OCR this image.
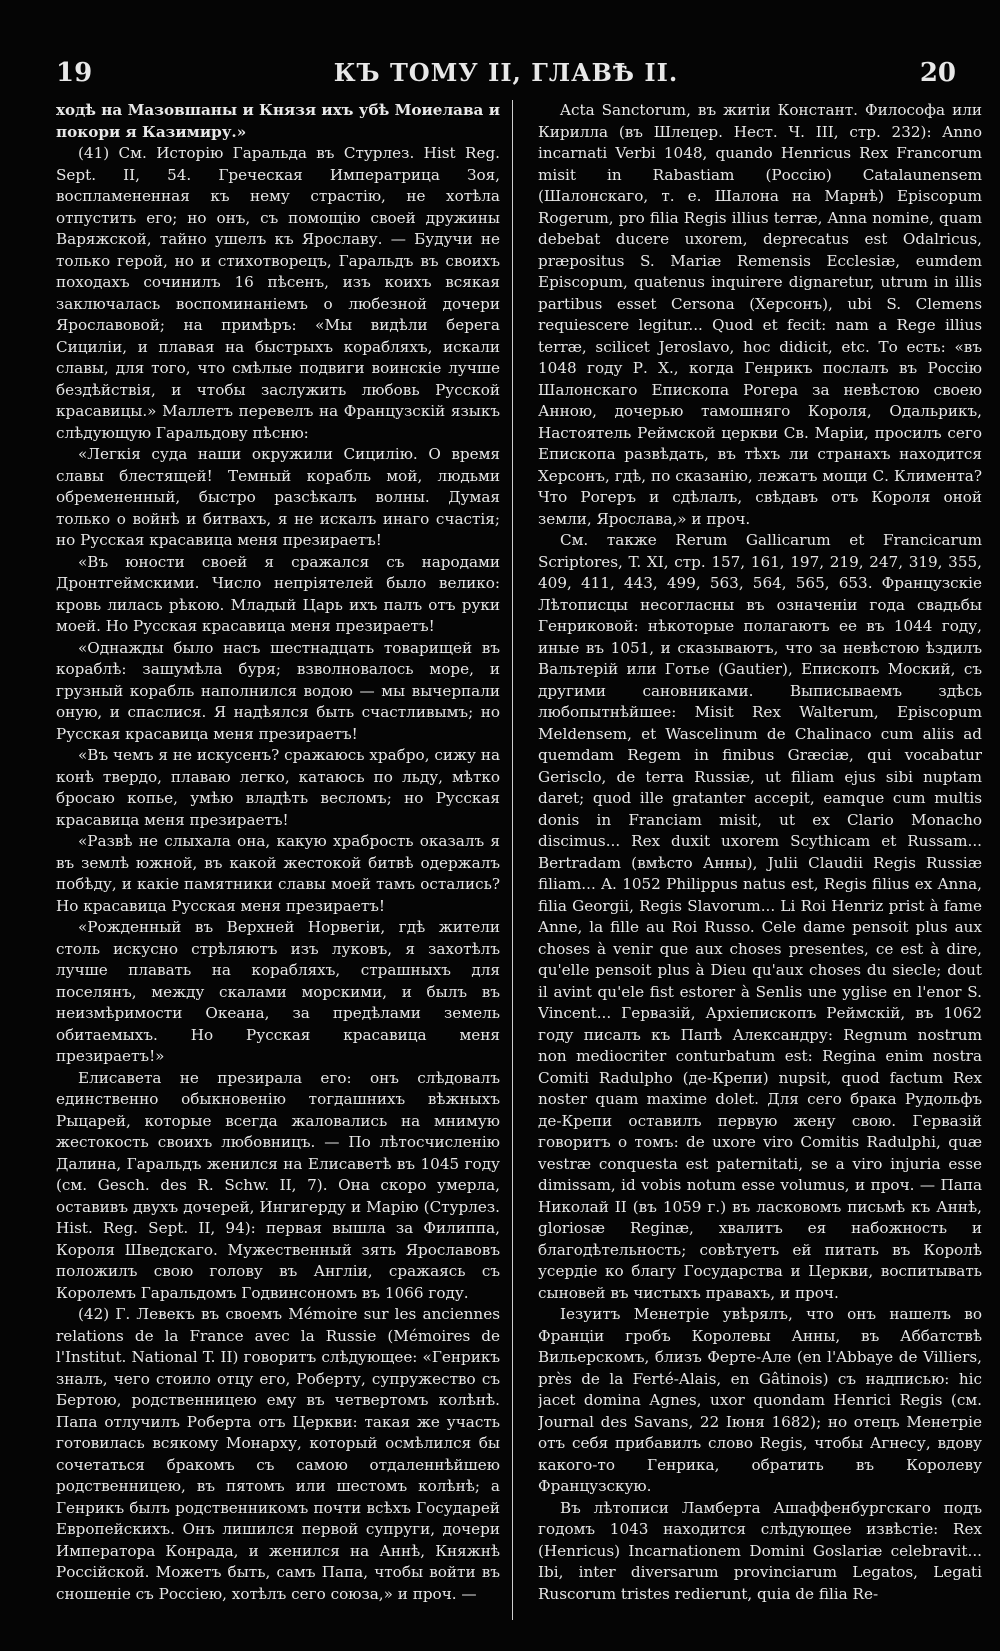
19	КЪ ТОМУ II, ГЛАВѢ II.	20

ходѣ на Мазовшаны и Князя ихъ убѣ Моиелава и покори я Казимиру.»

(41) См. Исторію Гаральда въ Стурлез. Hist Reg. Sept. II, 54. Греческая Императрица Зоя, воспламененная къ нему страстію, не хотѣла отпустить его; но онъ, съ помощію своей дружины Варяжской, тайно ушелъ къ Ярославу. — Будучи не только герой, но и стихотворецъ, Гаральдъ въ своихъ походахъ сочинилъ 16 пѣсенъ, изъ коихъ всякая заключалась воспоминаніемъ о любезной дочери Ярославовой; на примѣръ: «Мы видѣли берега Сициліи, и плавая на быстрыхъ корабляхъ, искали славы, для того, что смѣлые подвиги воинскіе лучше бездѣйствія, и чтобы заслужить любовь Русской красавицы.» Маллетъ перевелъ на Французскій языкъ слѣдующую Гаральдову пѣсню:

«Легкія суда наши окружили Сицилію. О время славы блестящей! Темный корабль мой, людьми обремененный, быстро разсѣкалъ волны. Думая только о войнѣ и битвахъ, я не искалъ инаго счастія; но Русская красавица меня презираетъ!

«Въ юности своей я сражался съ народами Дронтгеймскими. Число непріятелей было велико: кровь лилась рѣкою. Младый Царь ихъ палъ отъ руки моей. Но Русская красавица меня презираетъ!

«Однажды было насъ шестнадцать товарищей въ кораблѣ: зашумѣла буря; взволновалось море, и грузный корабль наполнился водою — мы вычерпали оную, и спаслися. Я надѣялся быть счастливымъ; но Русская красавица меня презираетъ!

«Въ чемъ я не искусенъ? сражаюсь храбро, сижу на конѣ твердо, плаваю легко, катаюсь по льду, мѣтко бросаю копье, умѣю владѣть весломъ; но Русская красавица меня презираетъ!

«Развѣ не слыхала она, какую храбрость оказалъ я въ землѣ южной, въ какой жестокой битвѣ одержалъ побѣду, и какіе памятники славы моей тамъ остались? Но красавица Русская меня презираетъ!

«Рожденный въ Верхней Норвегіи, гдѣ жители столь искусно стрѣляютъ изъ луковъ, я захотѣлъ лучше плавать на корабляхъ, страшныхъ для поселянъ, между скалами морскими, и былъ въ неизмѣримости Океана, за предѣлами земель обитаемыхъ. Но Русская красавица меня презираетъ!»

Елисавета не презирала его: онъ слѣдовалъ единственно обыкновенію тогдашнихъ вѣжныхъ Рыцарей, которые всегда жаловались на мнимую жестокость своихъ любовницъ. — По лѣтосчисленію Далина, Гаральдъ женился на Елисаветѣ въ 1045 году (см. Gesch. des R. Schw. II, 7). Она скоро умерла, оставивъ двухъ дочерей, Ингигерду и Марію (Стурлез. Hist. Reg. Sept. II, 94): первая вышла за Филиппа, Короля Шведскаго. Мужественный зять Ярославовъ положилъ свою голову въ Англіи, сражаясь съ Королемъ Гаральдомъ Годвинсономъ въ 1066 году.

(42) Г. Левекъ въ своемъ Mémoire sur les anciennes relations de la France avec la Russie (Mémoires de l'Institut. National T. II) говоритъ слѣдующее: «Генрикъ зналъ, чего стоило отцу его, Роберту, супружество съ Бертою, родственницею ему въ четвертомъ колѣнѣ. Папа отлучилъ Роберта отъ Церкви: такая же участь готовилась всякому Монарху, который осмѣлился бы сочетаться бракомъ съ самою отдаленнѣйшею родственницею, въ пятомъ или шестомъ колѣнѣ; а Генрикъ былъ родственникомъ почти всѣхъ Государей Европейскихъ. Онъ лишился первой супруги, дочери Императора Конрада, и женился на Аннѣ, Княжнѣ Россійской. Можетъ быть, самъ Папа, чтобы войти въ сношеніе съ Россіею, хотѣлъ сего союза,» и проч. —

Acta Sanctorum, въ житіи Констант. Философа или Кирилла (въ Шлецер. Нест. Ч. III, стр. 232): Anno incarnati Verbi 1048, quando Henricus Rex Francorum misit in Rabastiam (Россію) Catalaunensem (Шалонскаго, т. е. Шалона на Марнѣ) Episcopum Rogerum, pro filia Regis illius terræ, Anna nomine, quam debebat ducere uxorem, deprecatus est Odalricus, præpositus S. Mariæ Remensis Ecclesiæ, eumdem Episcopum, quatenus inquirere dignaretur, utrum in illis partibus esset Cersona (Херсонъ), ubi S. Clemens requiescere legitur... Quod et fecit: nam a Rege illius terræ, scilicet Jeroslavo, hoc didicit, etc. То есть: «въ 1048 году Р. Х., когда Генрикъ послалъ въ Россію Шалонскаго Епископа Рогера за невѣстою своею Анною, дочерью тамошняго Короля, Одальрикъ, Настоятель Реймской церкви Св. Маріи, просилъ сего Епископа развѣдать, въ тѣхъ ли странахъ находится Херсонъ, гдѣ, по сказанію, лежатъ мощи С. Климента? Что Рогеръ и сдѣлалъ, свѣдавъ отъ Короля оной земли, Ярослава,» и проч.

См. также Rerum Gallicarum et Francicarum Scriptores, T. XI, стр. 157, 161, 197, 219, 247, 319, 355, 409, 411, 443, 499, 563, 564, 565, 653. Французскіе Лѣтописцы несогласны въ означеніи года свадьбы Генриковой: нѣкоторые полагаютъ ее въ 1044 году, иные въ 1051, и сказываютъ, что за невѣстою ѣздилъ Вальтерій или Готье (Gautier), Епископъ Моский, съ другими сановниками. Выписываемъ здѣсь любопытнѣйшее: Misit Rex Walterum, Episcopum Meldensem, et Wascelinum de Chalinaco cum aliis ad quemdam Regem in finibus Græciæ, qui vocabatur Gerisclo, de terra Russiæ, ut filiam ejus sibi nuptam daret; quod ille gratanter accepit, eamque cum multis donis in Franciam misit, ut ex Clario Monacho discimus... Rex duxit uxorem Scythicam et Russam... Bertradam (вмѣсто Анны), Julii Claudii Regis Russiæ filiam... A. 1052 Philippus natus est, Regis filius ex Anna, filia Georgii, Regis Slavorum... Li Roi Henriz prist à fame Anne, la fille au Roi Russo. Cele dame pensoit plus aux choses à venir que aux choses presentes, ce est à dire, qu'elle pensoit plus à Dieu qu'aux choses du siecle; dout il avint qu'ele fist estorer à Senlis une yglise en l'enor S. Vincent... Гервазій, Архіепископъ Реймскій, въ 1062 году писалъ къ Папѣ Александру: Regnum nostrum non mediocriter conturbatum est: Regina enim nostra Comiti Radulpho (де-Крепи) nupsit, quod factum Rex noster quam maxime dolet. Для сего брака Рудольфъ де-Крепи оставилъ первую жену свою. Гервазій говоритъ о томъ: de uxore viro Comitis Radulphi, quæ vestræ conquesta est paternitati, se a viro injuria esse dimissam, id vobis notum esse volumus, и проч. — Папа Николай II (въ 1059 г.) въ ласковомъ письмѣ къ Аннѣ, gloriosæ Reginæ, хвалитъ ея набожность и благодѣтельность; совѣтуетъ ей питать въ Королѣ усердіе ко благу Государства и Церкви, воспитывать сыновей въ чистыхъ правахъ, и проч.

Іезуитъ Менетріе увѣрялъ, что онъ нашелъ во Франціи гробъ Королевы Анны, въ Аббатствѣ Вильерскомъ, близъ Ферте-Але (en l'Abbaye de Villiers, près de la Ferté-Alais, en Gâtinois) съ надписью: hic jacet domina Agnes, uxor quondam Henrici Regis (см. Journal des Savans, 22 Іюня 1682); но отецъ Менетріе отъ себя прибавилъ слово Regis, чтобы Агнесу, вдову какого-то Генрика, обратить въ Королеву Французскую.

Въ лѣтописи Ламберта Ашаффенбургскаго подъ годомъ 1043 находится слѣдующее извѣстіе: Rex (Henricus) Incarnationem Domini Goslariæ celebravit... Ibi, inter diversarum provinciarum Legatos, Legati Ruscorum tristes redierunt, quia de filia Re-
